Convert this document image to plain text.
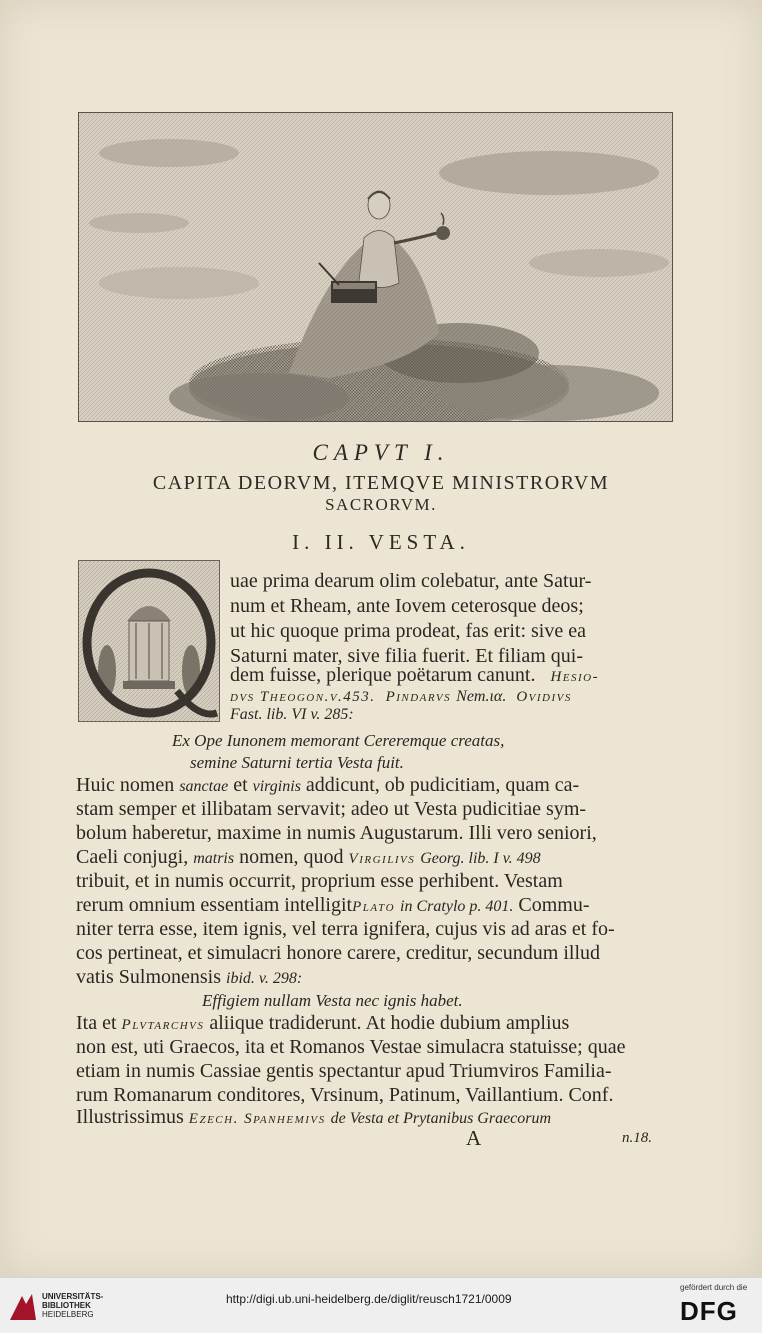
CAPVT I.
CAPITA DEORVM, ITEMQVE MINISTRORVM
SACRORVM.
I. II. VESTA.
uae prima dearum olim colebatur, ante Satur-
num et Rheam, ante Iovem ceterosque deos;
ut hic quoque prima prodeat, fas erit: sive ea
Saturni mater, sive filia fuerit. Et filiam qui-
dem fuisse, plerique poëtarum canunt. Hesio-
dvs Theogon.v.453. Pindarvs Nem.ια. Ovidivs
Fast. lib. VI v. 285:
Ex Ope Iunonem memorant Cereremque creatas,
semine Saturni tertia Vesta fuit.
Huic nomen sanctae et virginis addicunt, ob pudicitiam, quam ca-
stam semper et illibatam servavit; adeo ut Vesta pudicitiae sym-
bolum haberetur, maxime in numis Augustarum. Illi vero seniori,
Caeli conjugi, matris nomen, quod Virgilivs Georg. lib. I v. 498
tribuit, et in numis occurrit, proprium esse perhibent. Vestam
rerum omnium essentiam intelligitPlato in Cratylo p. 401. Commu-
niter terra esse, item ignis, vel terra ignifera, cujus vis ad aras et fo-
cos pertineat, et simulacri honore carere, creditur, secundum illud
vatis Sulmonensis ibid. v. 298:
Effigiem nullam Vesta nec ignis habet.
Ita et Plvtarchvs aliique tradiderunt. At hodie dubium amplius
non est, uti Graecos, ita et Romanos Vestae simulacra statuisse; quae
etiam in numis Cassiae gentis spectantur apud Triumviros Familia-
rum Romanarum conditores, Vrsinum, Patinum, Vaillantium. Conf.
Illustrissimus Ezech. Spanhemivs de Vesta et Prytanibus Graecorum
A	n.18.
UNIVERSITÄTS-
BIBLIOTHEK
HEIDELBERG
http://digi.ub.uni-heidelberg.de/diglit/reusch1721/0009
gefördert durch die
DFG
